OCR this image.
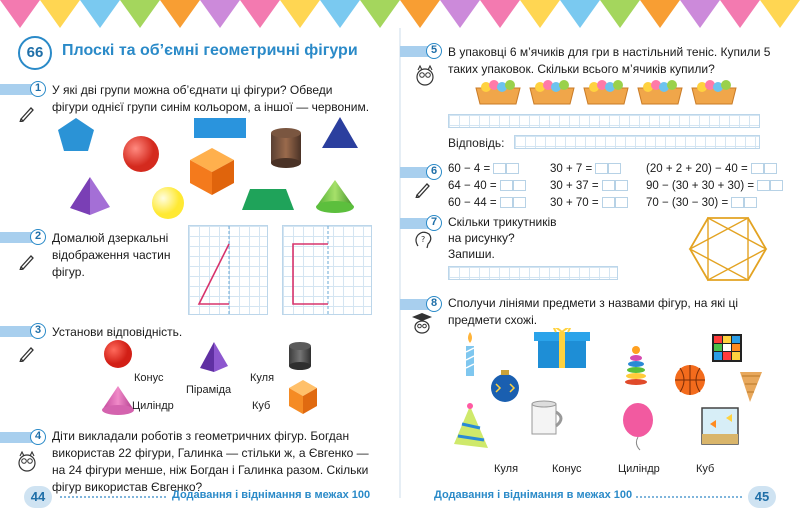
66	Плоскі та об’ємні геометричні фігури
1 У які дві групи можна об’єднати ці фігури? Обведи фігури однієї групи синім кольором, а іншої — червоним.
2 Домалюй дзеркальні відображення частин фігур.
3 Установи відповідність.
Конус
Піраміда
Куля
Циліндр	Куб
4 Діти викладали роботів з геометричних фігур. Богдан використав 22 фігури, Галинка — стільки ж, а Євгенко — на 24 фігури менше, ніж Богдан і Галинка разом. Скільки фігур використав Євгенко?
44	Додавання і віднімання в межах 100
5 В упаковці 6 м’ячиків для гри в настільний теніс. Купили 5 таких упаковок. Скільки всього м’ячиків купили?
Відповідь:
6 60 − 4 =	30 + 7 =	(20 + 2 + 20) − 40 =
64 − 40 =	30 + 37 =	90 − (30 + 30 + 30) =
60 − 44 =	30 + 70 =	70 − (30 − 30) =
7
?
Скільки трикутників
на рисунку?
Запиши.
8 Сполучи лініями предмети з назвами фігур, на які ці предмети схожі.
Куля	Конус	Циліндр	Куб
Додавання і віднімання в межах 100	45
